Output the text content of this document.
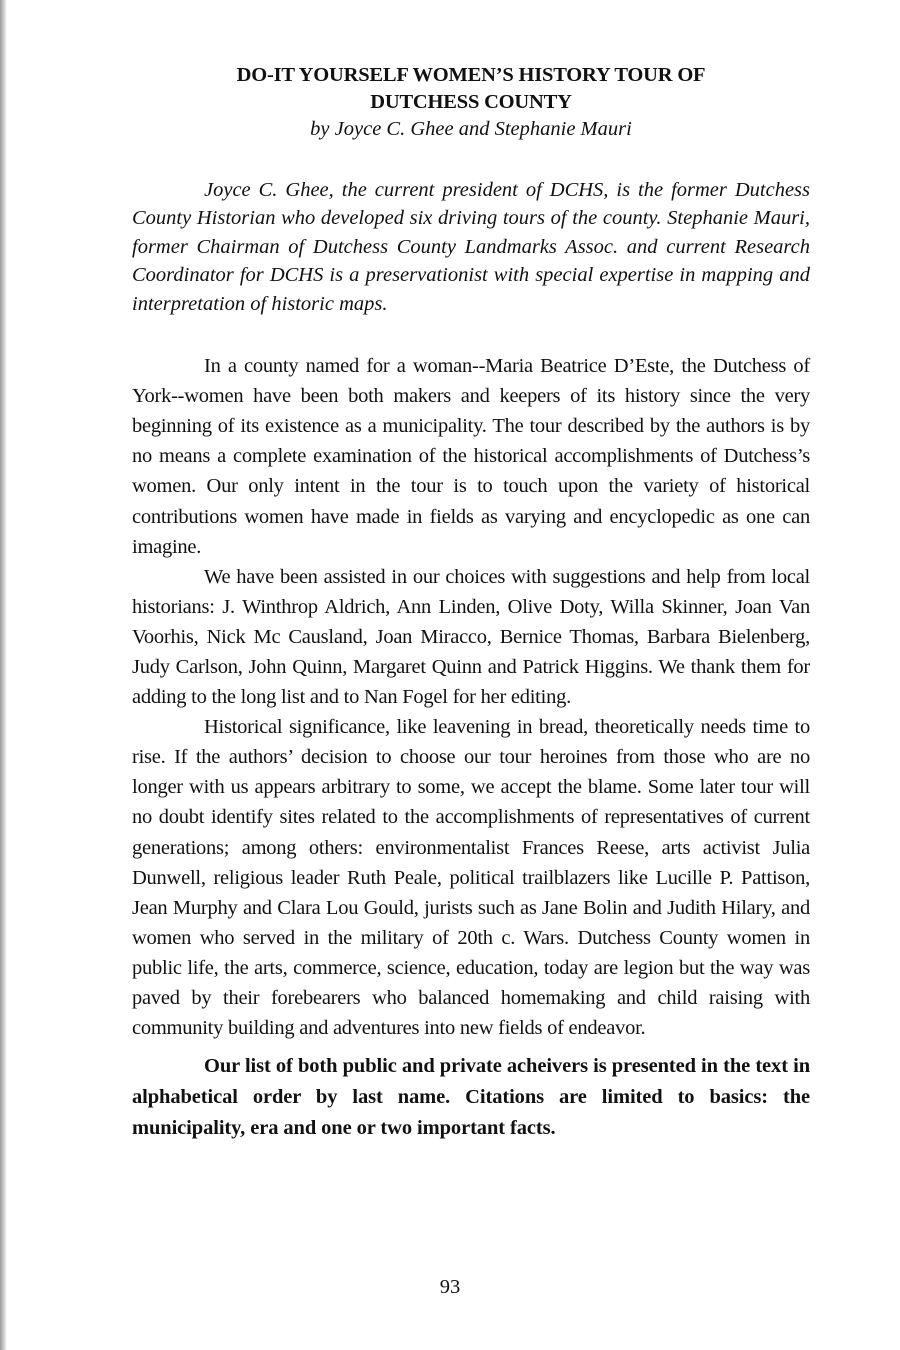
DO-IT YOURSELF WOMEN’S HISTORY TOUR OF
DUTCHESS COUNTY

by Joyce C. Ghee and Stephanie Mauri

Joyce C. Ghee, the current president of DCHS, is the former Dutchess County Historian who developed six driving tours of the county. Stephanie Mauri, former Chairman of Dutchess County Landmarks Assoc. and current Research Coordinator for DCHS is a preservationist with special expertise in mapping and interpretation of historic maps.

In a county named for a woman--Maria Beatrice D’Este, the Dutchess of York--women have been both makers and keepers of its history since the very beginning of its existence as a municipality. The tour described by the authors is by no means a complete examination of the historical accomplishments of Dutchess’s women. Our only intent in the tour is to touch upon the variety of historical contributions women have made in fields as varying and encyclopedic as one can imagine.

We have been assisted in our choices with suggestions and help from local historians: J. Winthrop Aldrich, Ann Linden, Olive Doty, Willa Skinner, Joan Van Voorhis, Nick Mc Causland, Joan Miracco, Bernice Thomas, Barbara Bielenberg, Judy Carlson, John Quinn, Margaret Quinn and Patrick Higgins. We thank them for adding to the long list and to Nan Fogel for her editing.

Historical significance, like leavening in bread, theoretically needs time to rise. If the authors’ decision to choose our tour heroines from those who are no longer with us appears arbitrary to some, we accept the blame. Some later tour will no doubt identify sites related to the accomplishments of representatives of current generations; among others: environmentalist Frances Reese, arts activist Julia Dunwell, religious leader Ruth Peale, political trailblazers like Lucille P. Pattison, Jean Murphy and Clara Lou Gould, jurists such as Jane Bolin and Judith Hilary, and women who served in the military of 20th c. Wars. Dutchess County women in public life, the arts, commerce, science, education, today are legion but the way was paved by their forebearers who balanced homemaking and child raising with community building and adventures into new fields of endeavor.

Our list of both public and private acheivers is presented in the text in alphabetical order by last name. Citations are limited to basics: the municipality, era and one or two important facts.

93
